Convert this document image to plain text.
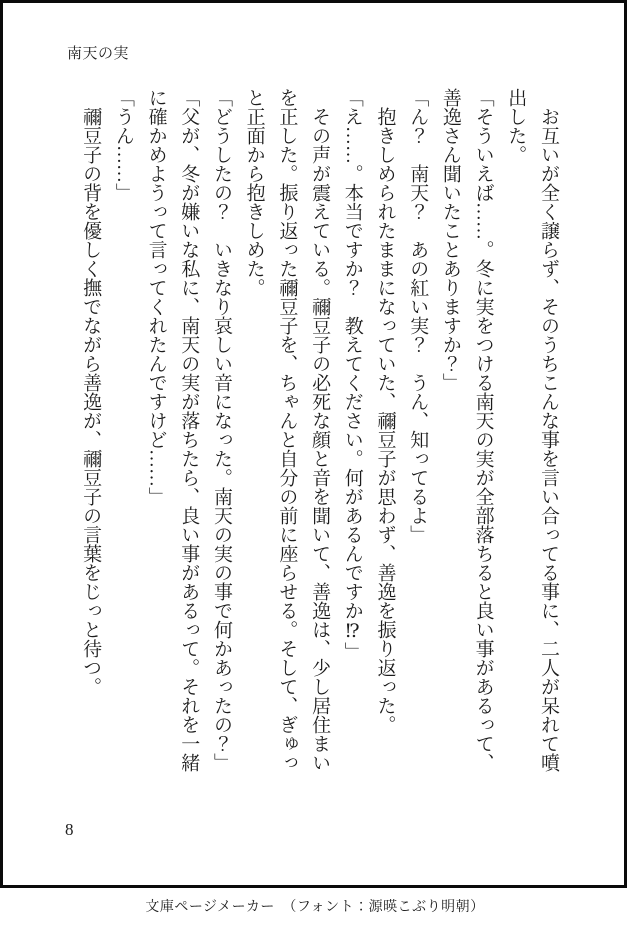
南天の実

　お互いが全く譲らず、そのうちこんな事を言い合ってる事に、二人が呆れて噴出した。

「そういえば……。冬に実をつける南天の実が全部落ちると良い事があるって、善逸さん聞いたことありますか？」

「ん？　南天？　あの紅い実？　うん、知ってるよ」

　抱きしめられたままになっていた、禰豆子が思わず、善逸を振り返った。

「え……。本当ですか？　教えてください。何があるんですか⁉」

　その声が震えている。禰豆子の必死な顔と音を聞いて、善逸は、少し居住まいを正した。振り返った禰豆子を、ちゃんと自分の前に座らせる。そして、ぎゅっと正面から抱きしめた。

「どうしたの？　いきなり哀しい音になった。南天の実の事で何かあったの？」

「父が、冬が嫌いな私に、南天の実が落ちたら、良い事があるって。それを一緒に確かめようって言ってくれたんですけど……」

「うん……」

　禰豆子の背を優しく撫でながら善逸が、禰豆子の言葉をじっと待つ。

8
文庫ページメーカー　（フォント：源暎こぶり明朝）
